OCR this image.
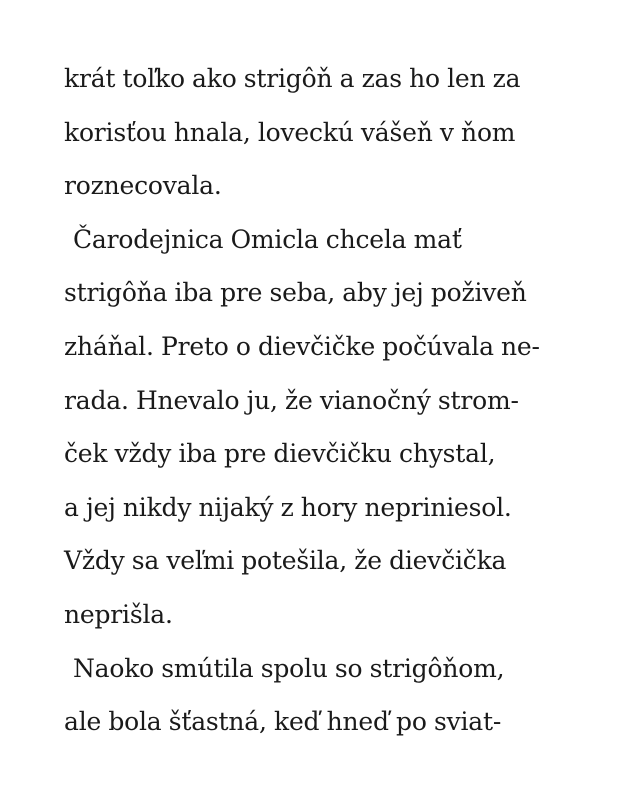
krát toľko ako strigôň a zas ho len za
korisťou hnala, loveckú vášeň v ňom
roznecovala.
Čarodejnica Omicla chcela mať
strigôňa iba pre seba, aby jej poživeň
zháňal. Preto o dievčičke počúvala ne-
rada. Hnevalo ju, že vianočný strom-
ček vždy iba pre dievčičku chystal,
a jej nikdy nijaký z hory nepriniesol.
Vždy sa veľmi potešila, že dievčička
neprišla.
Naoko smútila spolu so strigôňom,
ale bola šťastná, keď hneď po sviat-
